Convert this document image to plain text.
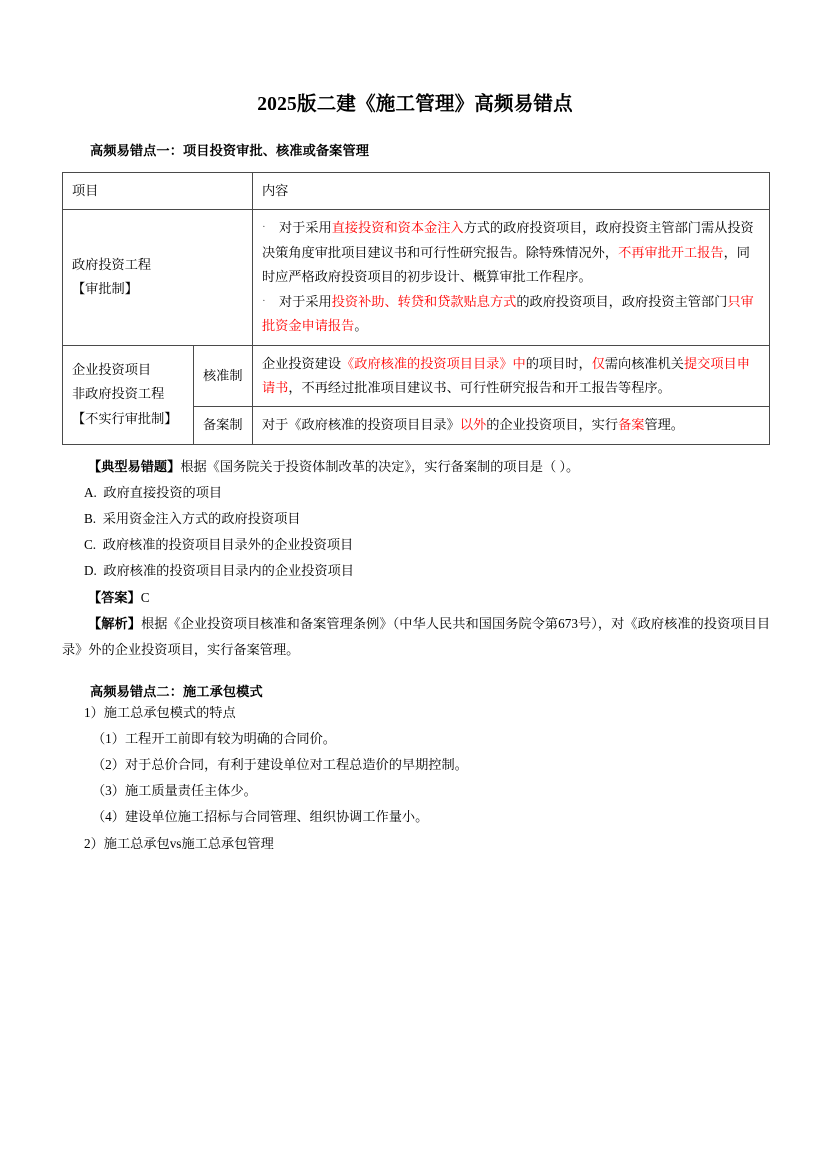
2025版二建《施工管理》高频易错点
高频易错点一：项目投资审批、核准或备案管理
项目		内容

政府投资工程
【审批制】		· 对于采用直接投资和资本金注入方式的政府投资项目，政府投资主管部门需从投资决策角度审批项目建议书和可行性研究报告。除特殊情况外，不再审批开工报告，同时应严格政府投资项目的初步设计、概算审批工作程序。
· 对于采用投资补助、转贷和贷款贴息方式的政府投资项目，政府投资主管部门只审批资金申请报告。

企业投资项目
非政府投资工程
【不实行审批制】	核准制	企业投资建设《政府核准的投资项目目录》中的项目时，仅需向核准机关提交项目申请书，不再经过批准项目建议书、可行性研究报告和开工报告等程序。
	备案制	对于《政府核准的投资项目目录》以外的企业投资项目，实行备案管理。

【典型易错题】根据《国务院关于投资体制改革的决定》，实行备案制的项目是（ ）。

A. 政府直接投资的项目

B. 采用资金注入方式的政府投资项目

C. 政府核准的投资项目目录外的企业投资项目

D. 政府核准的投资项目目录内的企业投资项目

【答案】C

【解析】根据《企业投资项目核准和备案管理条例》（中华人民共和国国务院令第673号），对《政府核准的投资项目目录》外的企业投资项目，实行备案管理。

高频易错点二：施工承包模式

1）施工总承包模式的特点

（1）工程开工前即有较为明确的合同价。

（2）对于总价合同，有利于建设单位对工程总造价的早期控制。

（3）施工质量责任主体少。

（4）建设单位施工招标与合同管理、组织协调工作量小。

2）施工总承包vs施工总承包管理
